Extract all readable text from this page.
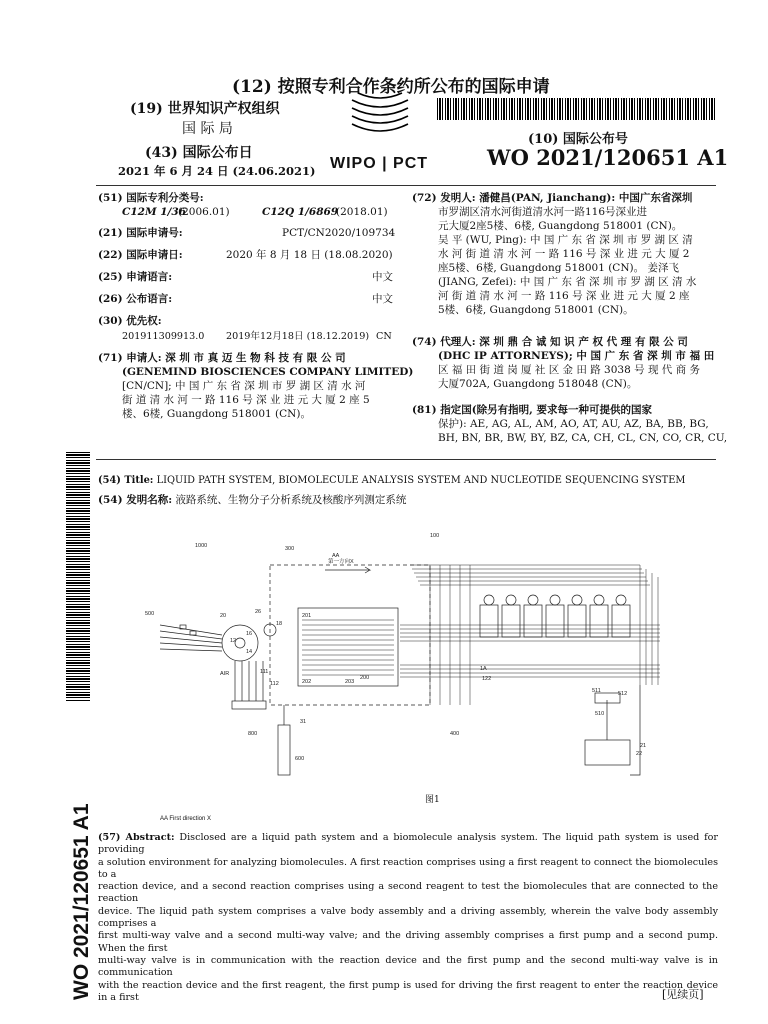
(12) 按照专利合作条约所公布的国际申请
(19) 世界知识产权组织
国 际 局
(43) 国际公布日
2021 年 6 月 24 日 (24.06.2021) WIPO | PCT
(10) 国际公布号
WO 2021/120651 A1
(51) 国际专利分类号:
C12M 1/36
(2006.01)	C12Q 1/6869
(2018.01)
(21) 国际申请号:	PCT/CN2020/109734
(22) 国际申请日:	2020 年 8 月 18 日 (18.08.2020)
(25) 申请语言:	中文
(26) 公布语言:	中文
(30) 优先权:
201911309913.0 2019年12月18日 (18.12.2019) CN
(71) 申请人: 深 圳 市 真 迈 生 物 科 技 有 限 公 司
(GENEMIND BIOSCIENCES COMPANY LIMITED)
[CN/CN]; 中 国 广 东 省 深 圳 市 罗 湖 区 清 水 河
街 道 清 水 河 一 路 116 号 深 业 进 元 大 厦 2 座 5
楼、6楼, Guangdong 518001 (CN)。
(72) 发明人: 潘健昌(PAN, Jianchang): 中国广东省深圳
市罗湖区清水河街道清水河一路116号深业进
元大厦2座5楼、6楼, Guangdong 518001 (CN)。
吴 平 (WU, Ping): 中 国 广 东 省 深 圳 市 罗 湖 区 清
水 河 街 道 清 水 河 一 路 116 号 深 业 进 元 大 厦 2
座5楼、6楼, Guangdong 518001 (CN)。 姜泽飞
(JIANG, Zefei): 中 国 广 东 省 深 圳 市 罗 湖 区 清 水
河 街 道 清 水 河 一 路 116 号 深 业 进 元 大 厦 2 座
5楼、6楼, Guangdong 518001 (CN)。
(74) 代理人: 深 圳 鼎 合 诚 知 识 产 权 代 理 有 限 公 司
(DHC IP ATTORNEYS); 中 国 广 东 省 深 圳 市 福 田
区 福 田 街 道 岗 厦 社 区 金 田 路 3038 号 现 代 商 务
大厦702A, Guangdong 518048 (CN)。
(81) 指定国(除另有指明, 要求每一种可提供的国家
保护): AE, AG, AL, AM, AO, AT, AU, AZ, BA, BB, BG,
BH, BN, BR, BW, BY, BZ, CA, CH, CL, CN, CO, CR, CU,
WO 2021/120651 A1
(54) Title: LIQUID PATH SYSTEM, BIOMOLECULE ANALYSIS SYSTEM AND NUCLEOTIDE SEQUENCING SYSTEM
(54) 发明名称: 液路系统、生物分子分析系统及核酸序列测定系统
1000
AA
第一方向X
100
300
20
26
12
14
16
18
200
201
202	203
111
112
AIR
800
500
400
511	512
510
21
22
31
1A
122
600
图1
AA First direction X
(57) Abstract: Disclosed are a liquid path system and a biomolecule analysis system. The liquid path system is used for providing
a solution environment for analyzing biomolecules. A first reaction comprises using a first reagent to connect the biomolecules to a
reaction device, and a second reaction comprises using a second reagent to test the biomolecules that are connected to the reaction
device. The liquid path system comprises a valve body assembly and a driving assembly, wherein the valve body assembly comprises a
first multi-way valve and a second multi-way valve; and the driving assembly comprises a first pump and a second pump. When the first
multi-way valve is in communication with the reaction device and the first pump and the second multi-way valve is in communication
with the reaction device and the first reagent, the first pump is used for driving the first reagent to enter the reaction device in a first	[见续页]
